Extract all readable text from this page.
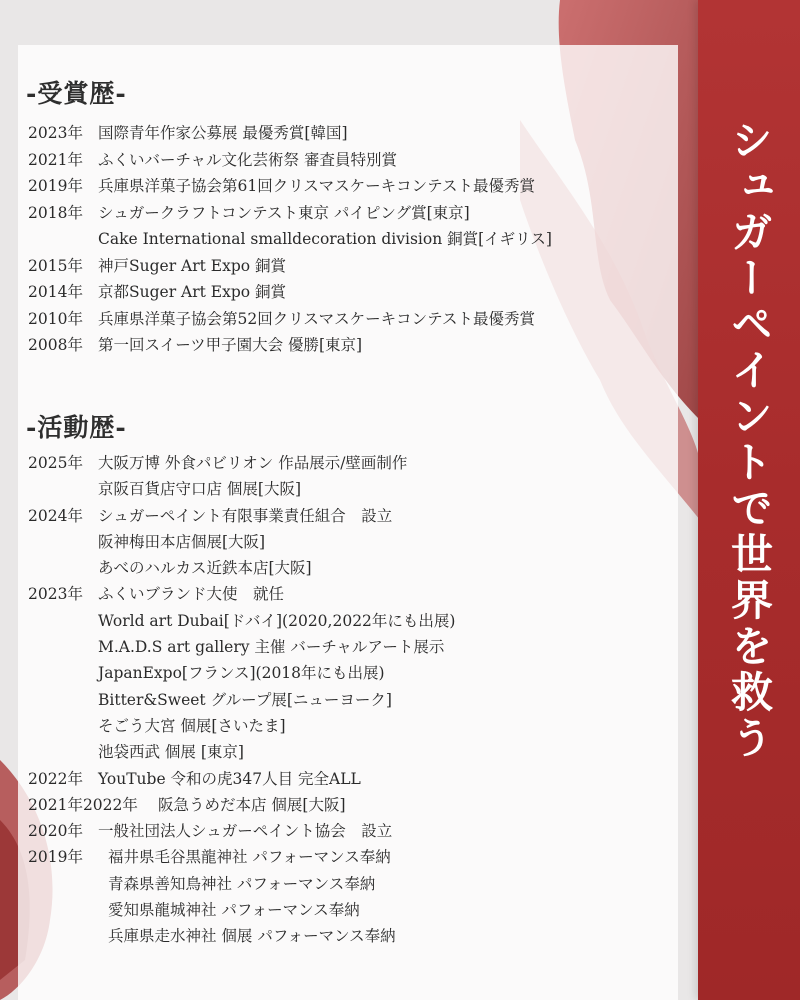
-受賞歴-
2023年 国際青年作家公募展 最優秀賞[韓国]
2021年 ふくいバーチャル文化芸術祭 審査員特別賞
2019年 兵庫県洋菓子協会第61回クリスマスケーキコンテスト最優秀賞
2018年 シュガークラフトコンテスト東京 パイピング賞[東京]
Cake International smalldecoration division 銅賞[イギリス]
2015年 神戸Suger Art Expo 銅賞
2014年 京都Suger Art Expo 銅賞
2010年 兵庫県洋菓子協会第52回クリスマスケーキコンテスト最優秀賞
2008年 第一回スイーツ甲子園大会 優勝[東京]
-活動歴-
2025年 大阪万博 外食パビリオン 作品展示/壁画制作
京阪百貨店守口店 個展[大阪]
2024年 シュガーペイント有限事業責任組合　設立
阪神梅田本店個展[大阪]
あべのハルカス近鉄本店[大阪]
2023年 ふくいブランド大使　就任
World art Dubai[ドバイ](2020,2022年にも出展)
M.A.D.S art gallery 主催 バーチャルアート展示
JapanExpo[フランス](2018年にも出展)
Bitter&Sweet グループ展[ニューヨーク]
そごう大宮 個展[さいたま]
池袋西武 個展 [東京]
2022年 YouTube 令和の虎347人目 完全ALL
2021年2022年	阪急うめだ本店 個展[大阪]
2020年 一般社団法人シュガーペイント協会　設立
2019年	福井県毛谷黒龍神社 パフォーマンス奉納
青森県善知鳥神社 パフォーマンス奉納
愛知県龍城神社 パフォーマンス奉納
兵庫県走水神社 個展 パフォーマンス奉納
シュガーペイントで世界を救う
